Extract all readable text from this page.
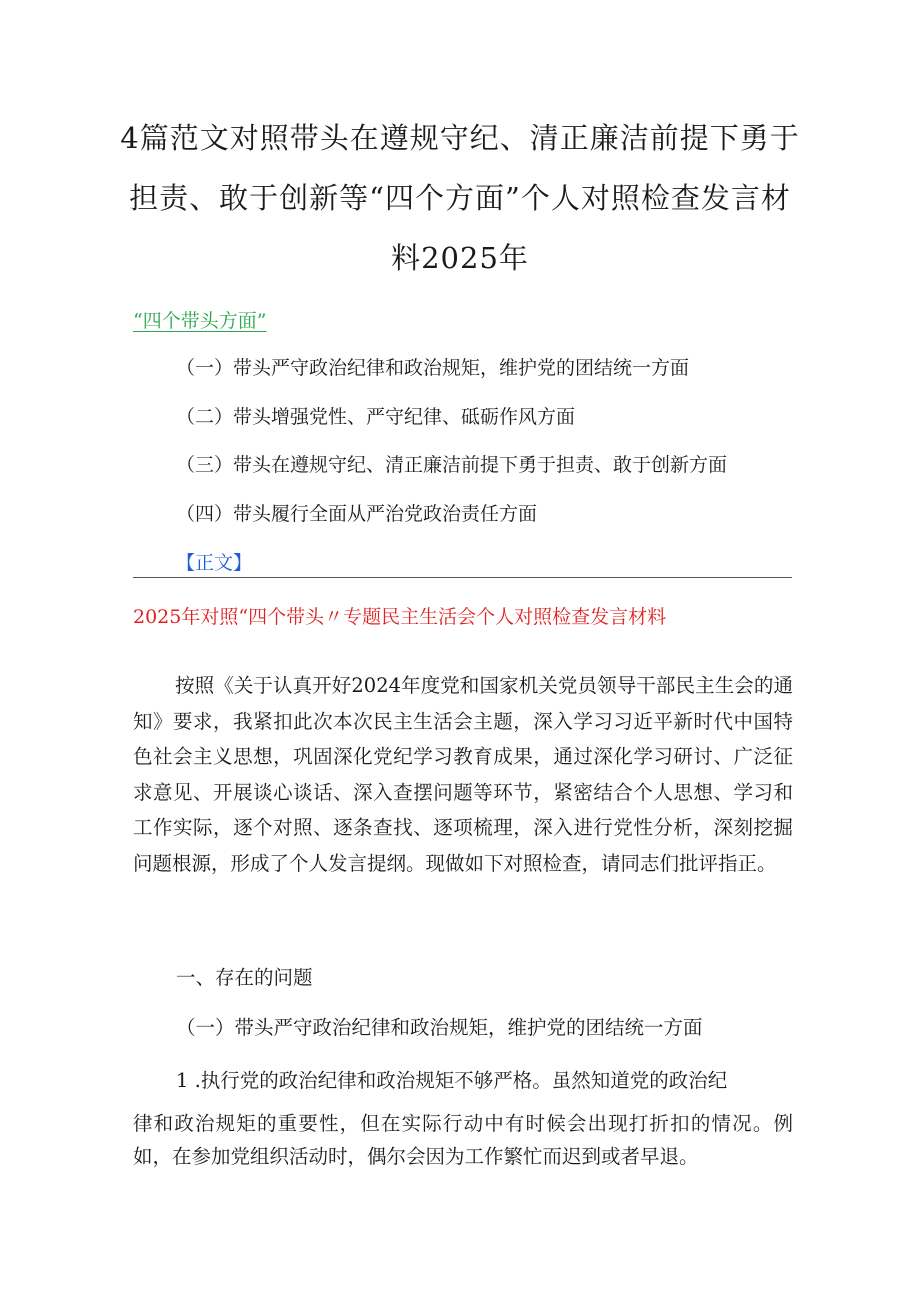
4篇范文对照带头在遵规守纪、清正廉洁前提下勇于担责、敢于创新等“四个方面”个人对照检查发言材料2025年
“四个带头方面”
（一）带头严守政治纪律和政治规矩，维护党的团结统一方面
（二）带头增强党性、严守纪律、砥砺作风方面
（三）带头在遵规守纪、清正廉洁前提下勇于担责、敢于创新方面
（四）带头履行全面从严治党政治责任方面
【正文】
2025年对照“四个带头〃专题民主生活会个人对照检查发言材料

按照《关于认真开好2024年度党和国家机关党员领导干部民主生会的通知》要求，我紧扣此次本次民主生活会主题，深入学习习近平新时代中国特色社会主义思想，巩固深化党纪学习教育成果，通过深化学习研讨、广泛征求意见、开展谈心谈话、深入查摆问题等环节，紧密结合个人思想、学习和工作实际，逐个对照、逐条查找、逐项梳理，深入进行党性分析，深刻挖掘问题根源，形成了个人发言提纲。现做如下对照检查，请同志们批评指正。

一、存在的问题
（一）带头严守政治纪律和政治规矩，维护党的团结统一方面
1 .执行党的政治纪律和政治规矩不够严格。虽然知道党的政治纪

律和政治规矩的重要性，但在实际行动中有时候会出现打折扣的情况。例如，在参加党组织活动时，偶尔会因为工作繁忙而迟到或者早退。
